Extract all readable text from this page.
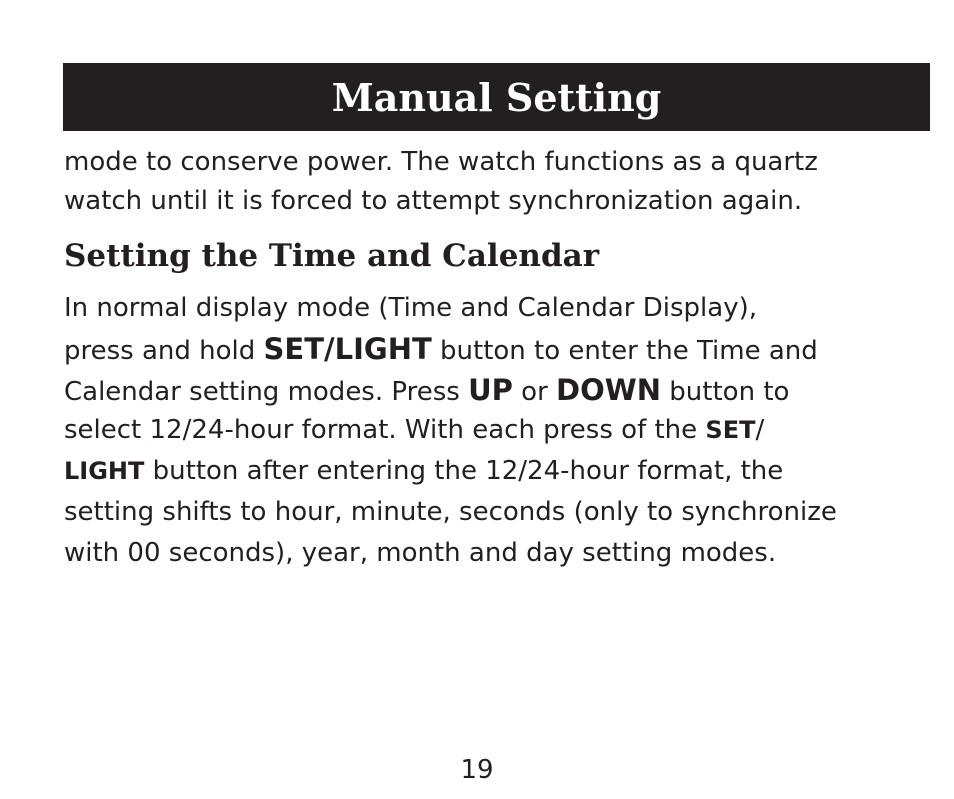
Manual Setting

mode to conserve power. The watch functions as a quartz
watch until it is forced to attempt synchronization again.

Setting the Time and Calendar

In normal display mode (Time and Calendar Display),
press and hold SET/LIGHT button to enter the Time and
Calendar setting modes. Press UP or DOWN button to
select 12/24-hour format. With each press of the SET/
LIGHT button after entering the 12/24-hour format, the
setting shifts to hour, minute, seconds (only to synchronize
with 00 seconds), year, month and day setting modes.

19
